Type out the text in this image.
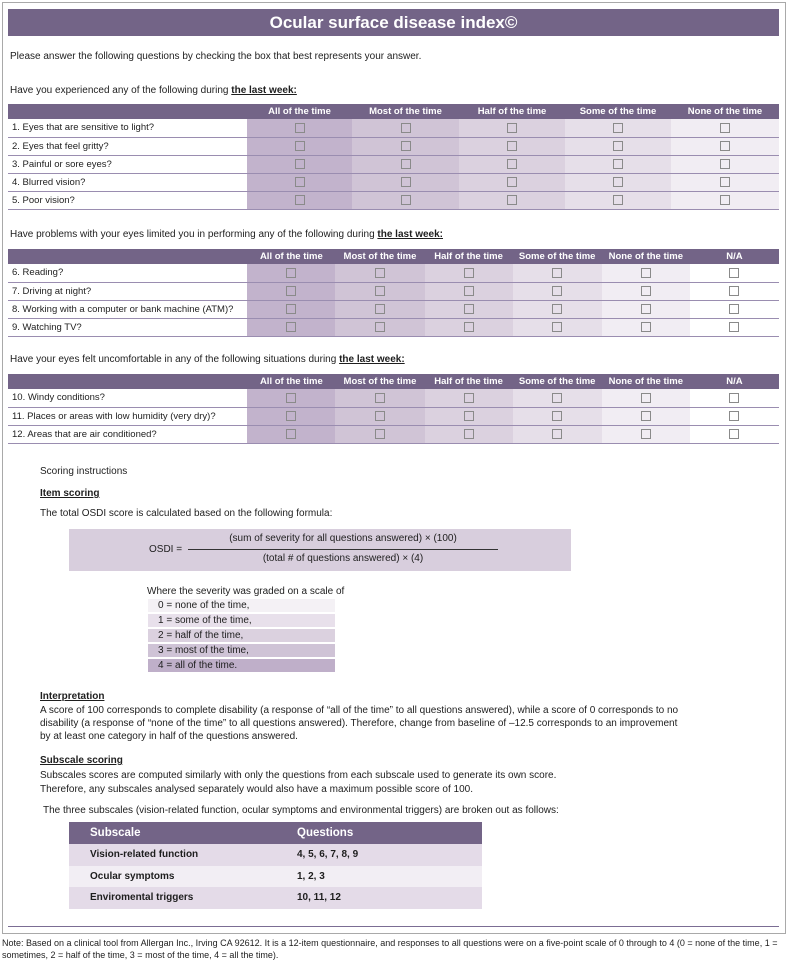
Ocular surface disease index©
Please answer the following questions by checking the box that best represents your answer.
Have you experienced any of the following during the last week:
	All of the time	Most of the time	Half of the time	Some of the time	None of the time
1. Eyes that are sensitive to light?					
2. Eyes that feel gritty?					
3. Painful or sore eyes?					
4. Blurred vision?					
5. Poor vision?					
Have problems with your eyes limited you in performing any of the following during the last week:
	All of the time	Most of the time	Half of the time	Some of the time	None of the time	N/A
6. Reading?						
7. Driving at night?						
8. Working with a computer or bank machine (ATM)?						
9. Watching TV?						
Have your eyes felt uncomfortable in any of the following situations during the last week:
	All of the time	Most of the time	Half of the time	Some of the time	None of the time	N/A
10. Windy conditions?						
11. Places or areas with low humidity (very dry)?						
12. Areas that are air conditioned?						
Scoring instructions
Item scoring
The total OSDI score is calculated based on the following formula:
OSDI =
(sum of severity for all questions answered) × (100)
(total # of questions answered) × (4)
Where the severity was graded on a scale of
0 = none of the time,
1 = some of the time,
2 = half of the time,
3 = most of the time,
4 = all of the time.
Interpretation
A score of 100 corresponds to complete disability (a response of “all of the time” to all questions answered), while a score of 0 corresponds to no
disability (a response of “none of the time” to all questions answered). Therefore, change from baseline of –12.5 corresponds to an improvement
by at least one category in half of the questions answered.
Subscale scoring
Subscales scores are computed similarly with only the questions from each subscale used to generate its own score.
Therefore, any subscales analysed separately would also have a maximum possible score of 100.
The three subscales (vision-related function, ocular symptoms and environmental triggers) are broken out as follows:
Subscale	Questions
Vision-related function	4, 5, 6, 7, 8, 9
Ocular symptoms	1, 2, 3
Enviromental triggers	10, 11, 12
Note: Based on a clinical tool from Allergan Inc., Irving CA 92612. It is a 12-item questionnaire, and responses to all questions were on a five-point scale of 0 through to 4 (0 = none of the time, 1 = sometimes, 2 = half of the time, 3 = most of the time, 4 = all the time).
